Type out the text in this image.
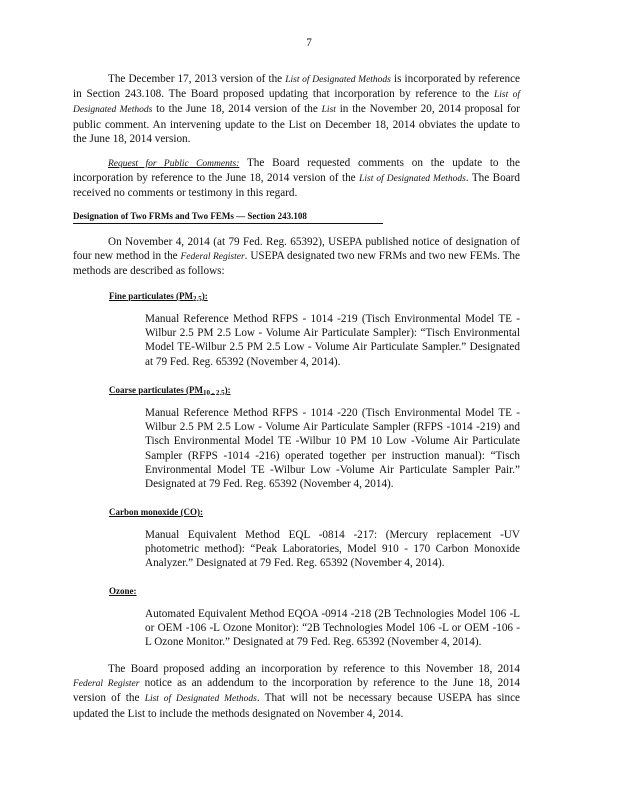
7
The December 17, 2013 version of the List of Designated Methods is incorporated by reference in Section 243.108. The Board proposed updating that incorporation by reference to the List of Designated Methods to the June 18, 2014 version of the List in the November 20, 2014 proposal for public comment. An intervening update to the List on December 18, 2014 obviates the update to the June 18, 2014 version.
Request for Public Comments: The Board requested comments on the update to the incorporation by reference to the June 18, 2014 version of the List of Designated Methods. The Board received no comments or testimony in this regard.
Designation of Two FRMs and Two FEMs — Section 243.108
On November 4, 2014 (at 79 Fed. Reg. 65392), USEPA published notice of designation of four new method in the Federal Register. USEPA designated two new FRMs and two new FEMs. The methods are described as follows:
Fine particulates $(PM_{2.5})$:
Manual Reference Method RFPS - 1014 -219 (Tisch Environmental Model TE - Wilbur 2.5 PM 2.5 Low - Volume Air Particulate Sampler): “Tisch Environmental Model TE-Wilbur 2.5 PM 2.5 Low - Volume Air Particulate Sampler.” Designated at 79 Fed. Reg. 65392 (November 4, 2014).
Coarse particulates $(PM_{10 - 2.5})$:
Manual Reference Method RFPS - 1014 -220 (Tisch Environmental Model TE - Wilbur 2.5 PM 2.5 Low - Volume Air Particulate Sampler (RFPS -1014 -219) and Tisch Environmental Model TE -Wilbur 10 PM 10 Low -Volume Air Particulate Sampler (RFPS -1014 -216) operated together per instruction manual): “Tisch Environmental Model TE -Wilbur Low -Volume Air Particulate Sampler Pair.” Designated at 79 Fed. Reg. 65392 (November 4, 2014).
Carbon monoxide (CO):
Manual Equivalent Method EQL -0814 -217: (Mercury replacement -UV photometric method): “Peak Laboratories, Model 910 - 170 Carbon Monoxide Analyzer.” Designated at 79 Fed. Reg. 65392 (November 4, 2014).
Ozone:
Automated Equivalent Method EQOA -0914 -218 (2B Technologies Model 106 -L or OEM -106 -L Ozone Monitor): “2B Technologies Model 106 -L or OEM -106 -L Ozone Monitor.” Designated at 79 Fed. Reg. 65392 (November 4, 2014).
The Board proposed adding an incorporation by reference to this November 18, 2014 Federal Register notice as an addendum to the incorporation by reference to the June 18, 2014 version of the List of Designated Methods. That will not be necessary because USEPA has since updated the List to include the methods designated on November 4, 2014.
